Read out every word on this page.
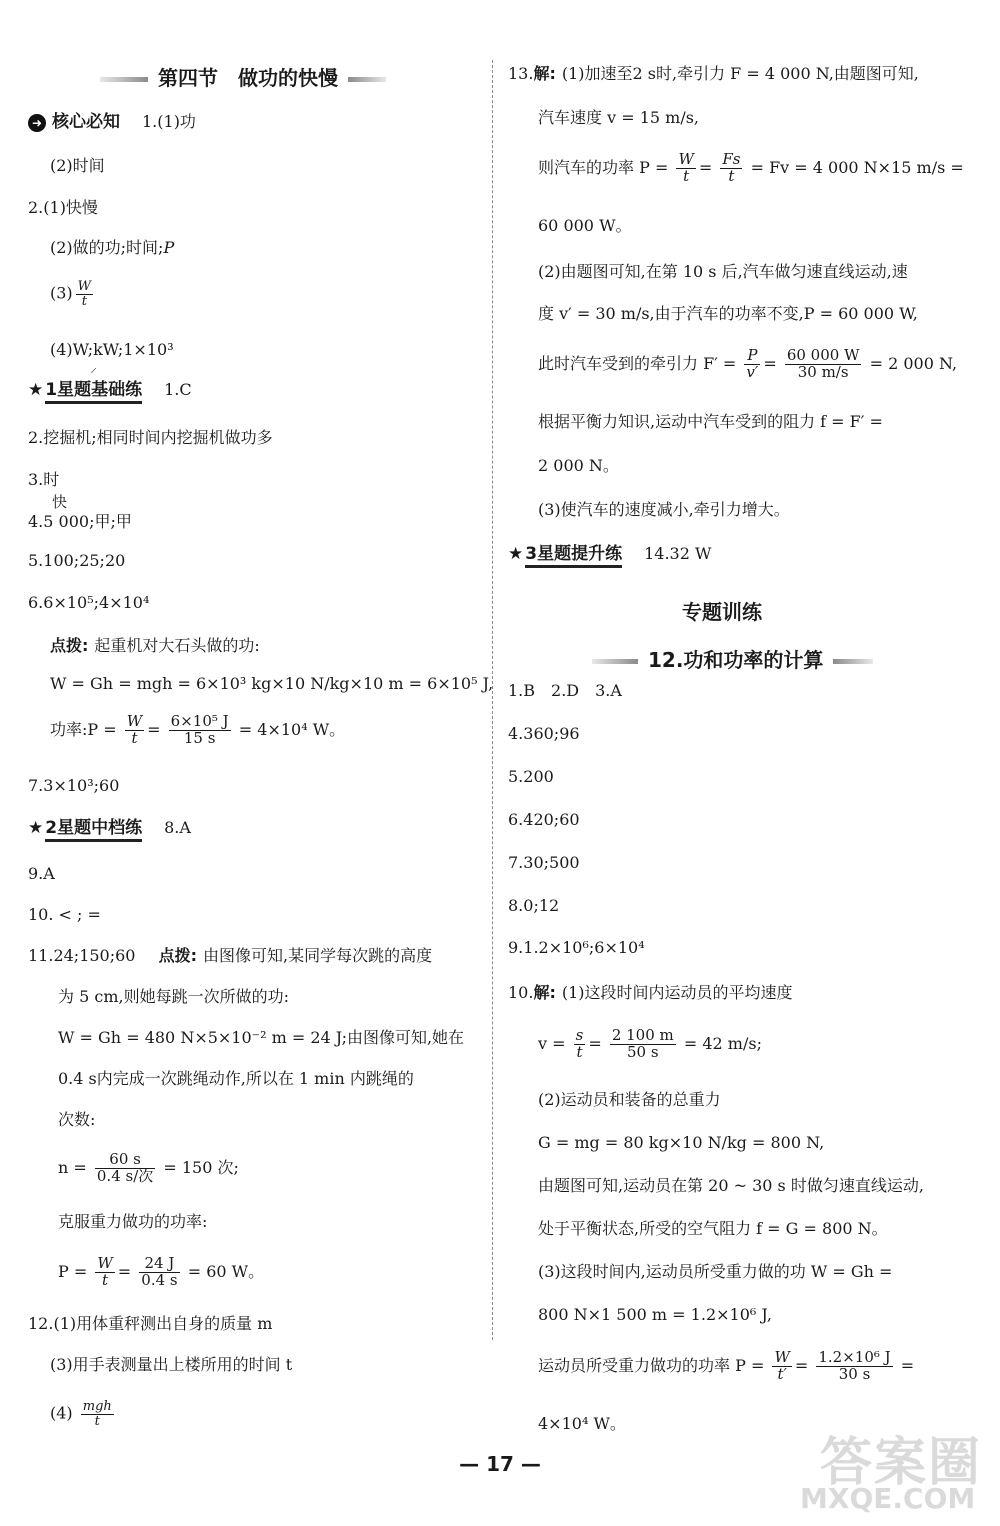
第四节　做功的快慢
➜ 核心必知 1.(1)功
(2)时间
2.(1)快慢
(2)做的功;时间;P
$(3) \frac{W}{t}$
(4)W;kW;1×10³
⸝
★ 1星题基础练 1.C
2.挖掘机;相同时间内挖掘机做功多
3.时
快
4.5 000;甲;甲
5.100;25;20
6.6×10⁵;4×10⁴
点拨: 起重机对大石头做的功:
W = Gh = mgh = 6×10³ kg×10 N/kg×10 m = 6×10⁵ J,
功率:P = $\frac{W}{t} = \frac{\text{6×10⁵ J}}{15 s} = 4\times 10^4$ W。
7.3×10³;60
★ 2星题中档练 8.A
9.A
10. < ; =
11.24;150;60 点拨: 由图像可知,某同学每次跳的高度
为 5 cm,则她每跳一次所做的功:
W = Gh = 480 N×5×10⁻² m = 24 J;由图像可知,她在
0.4 s内完成一次跳绳动作,所以在 1 min 内跳绳的
次数:
$n = \frac{60 s}{\text{0.4 s/次}} = 150$ 次;
克服重力做功的功率:
$P = \frac{W}{t} = \frac{24 J}{0.4 s} = 60$ W。
12.(1)用体重秤测出自身的质量 m
(3)用手表测量出上楼所用的时间 t
$(4) \frac{\text{mgh}}{t}$
13.解: (1)加速至2 s时,牵引力 F = 4 000 N,由题图可知,
汽车速度 v = 15 m/s,
则汽车的功率 $P = \frac{W}{t} = \frac{Fs}{t} = Fv = 4$ 000 N×15 m/s =
60 000 W。
(2)由题图可知,在第 10 s 后,汽车做匀速直线运动,速
度 v′ = 30 m/s,由于汽车的功率不变,P = 60 000 W,
此时汽车受到的牵引力 $F' = \frac{P}{v'} = \frac{60 000 W}{30 m/s} = 2$ 000 N,
根据平衡力知识,运动中汽车受到的阻力 f = F′ =
2 000 N。
(3)使汽车的速度减小,牵引力增大。
★ 3星题提升练 14.32 W
专题训练
12.功和功率的计算
1.B　2.D　3.A
4.360;96
5.200
6.420;60
7.30;500
8.0;12
9.1.2×10⁶;6×10⁴
10.解: (1)这段时间内运动员的平均速度
$v = \frac{s}{t} = \frac{2 100 m}{50 s} = 42$ m/s;
(2)运动员和装备的总重力
G = mg = 80 kg×10 N/kg = 800 N,
由题图可知,运动员在第 20 ~ 30 s 时做匀速直线运动,
处于平衡状态,所受的空气阻力 f = G = 800 N。
(3)这段时间内,运动员所受重力做的功 W = Gh =
800 N×1 500 m = 1.2×10⁶ J,
运动员所受重力做功的功率 $P = \frac{W}{t'} = \frac{\text{1.2×10⁶ J}}{30 s}$ =
4×10⁴ W。
— 17 —	答案圈
MXQE.COM
